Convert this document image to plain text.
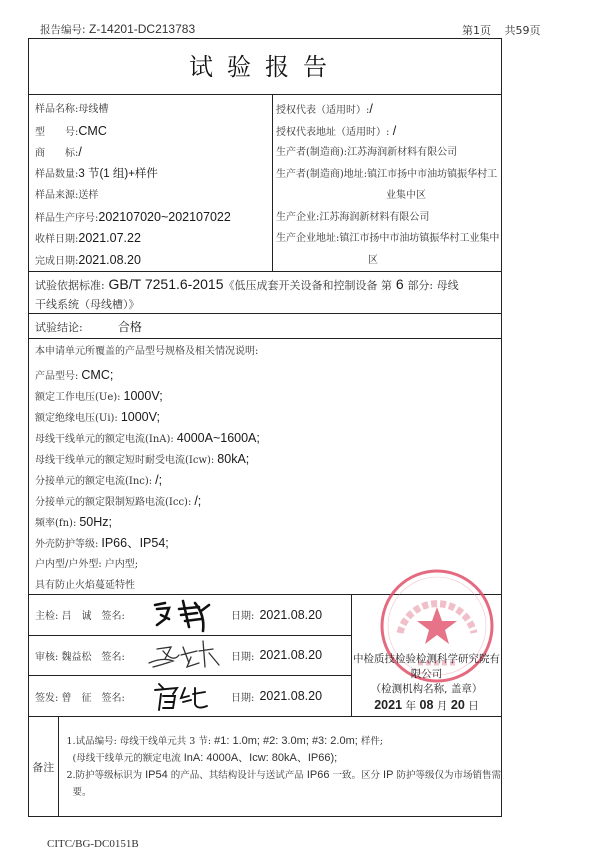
报告编号: Z-14201-DC213783	第1页 共59页
试验报告
样品名称:母线槽
型　　号:CMC
商　　标:/
样品数量:3 节(1 组)+样件
样品来源:送样
样品生产序号:202107020~202107022
收样日期:2021.07.22
完成日期:2021.08.20
授权代表（适用时）:/
授权代表地址（适用时）: /
生产者(制造商):江苏海润新材料有限公司
生产者(制造商)地址:镇江市扬中市油坊镇振华村工
业集中区
生产企业:江苏海润新材料有限公司
生产企业地址:镇江市扬中市油坊镇振华村工业集中
区
试验依据标准: GB/T 7251.6-2015《低压成套开关设备和控制设备 第 6 部分: 母线
干线系统（母线槽）》
试验结论:	合格
本申请单元所覆盖的产品型号规格及相关情况说明:
产品型号: CMC;
额定工作电压(Ue): 1000V;
额定绝缘电压(Ui): 1000V;
母线干线单元的额定电流(InA): 4000A~1600A;
母线干线单元的额定短时耐受电流(Icw): 80kA;
分接单元的额定电流(Inc): /;
分接单元的额定限制短路电流(Icc): /;
频率(fn): 50Hz;
外壳防护等级: IP66、IP54;
户内型/户外型: 户内型;
具有防止火焰蔓延特性
主检: 吕　诚　签名:	日期:
2021.08.20
审核: 魏益松　签名:	日期:
2021.08.20
签发: 曾　征　签名:	日期:
2021.08.20
中检质技检验检测科学研究院有限公司
（检测机构名称, 盖章）
2021 年 08 月 20 日
备注
1.试品编号: 母线干线单元共 3 节: #1: 1.0m; #2: 3.0m; #3: 2.0m; 样件;
(母线干线单元的额定电流 InA: 4000A、Icw: 80kA、IP66);
2.防护等级标识为 IP54 的产品、其结构设计与送试产品 IP66 一致。区分 IP 防护等级仅为市场销售需
要。
CITC/BG-DC0151B
